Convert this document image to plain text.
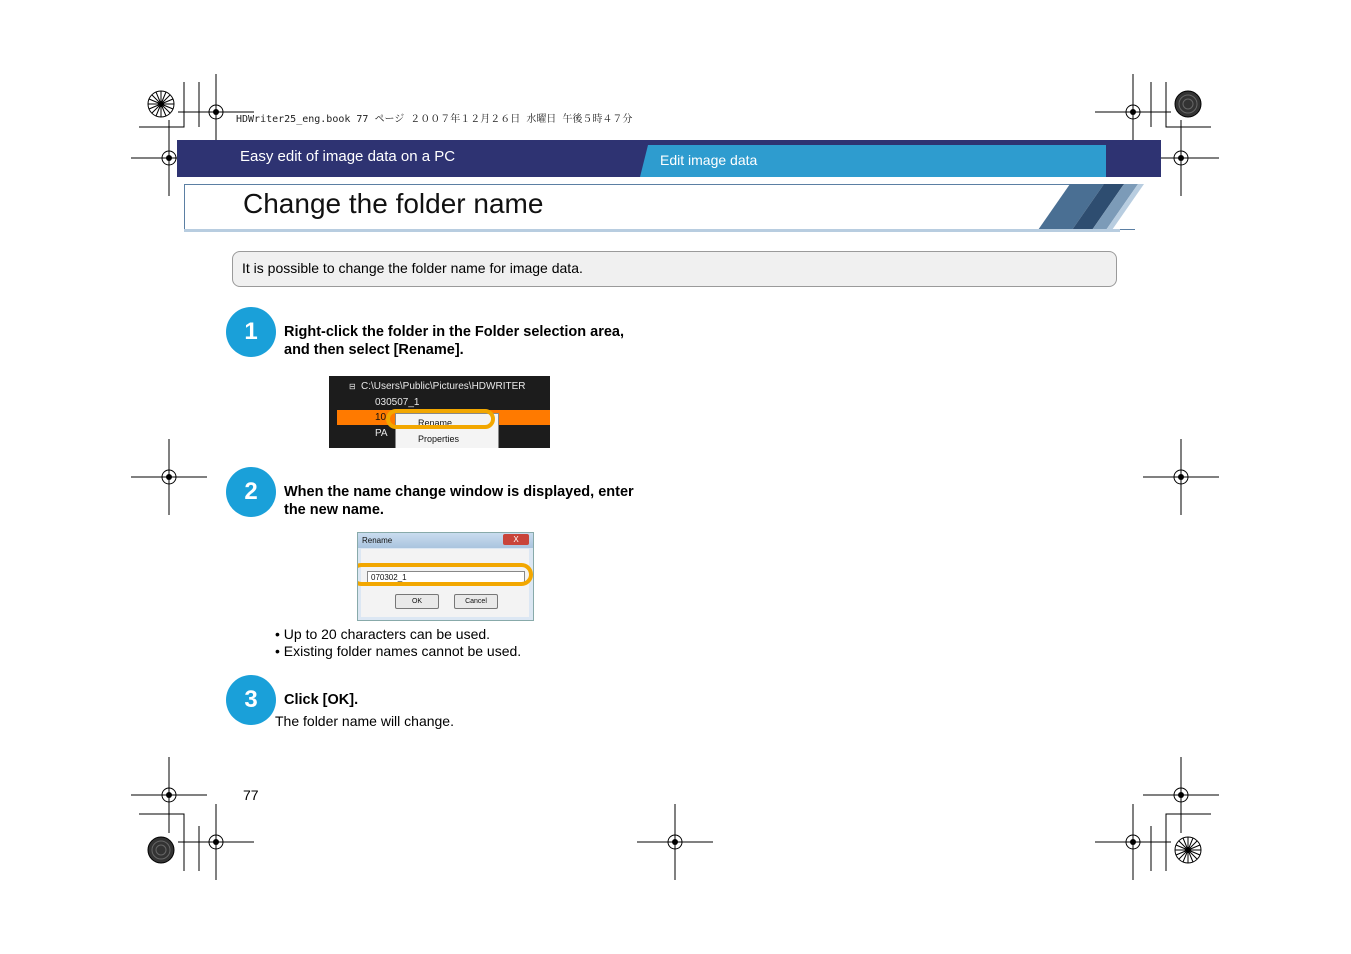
HDWriter25_eng.book 77 ページ ２００７年１２月２６日 水曜日 午後５時４７分
Easy edit of image data on a PC	Edit image data
Change the folder name
It is possible to change the folder name for image data.
1 Right-click the folder in the Folder selection area,
and then select [Rename].
⊟ C:\Users\Public\Pictures\HDWRITER
030507_1
10
PA
Rename
Properties
2 When the name change window is displayed, enter
the new name.
Rename	X
070302_1
OK	Cancel
• Up to 20 characters can be used.
• Existing folder names cannot be used.
3 Click [OK].
The folder name will change.
77
